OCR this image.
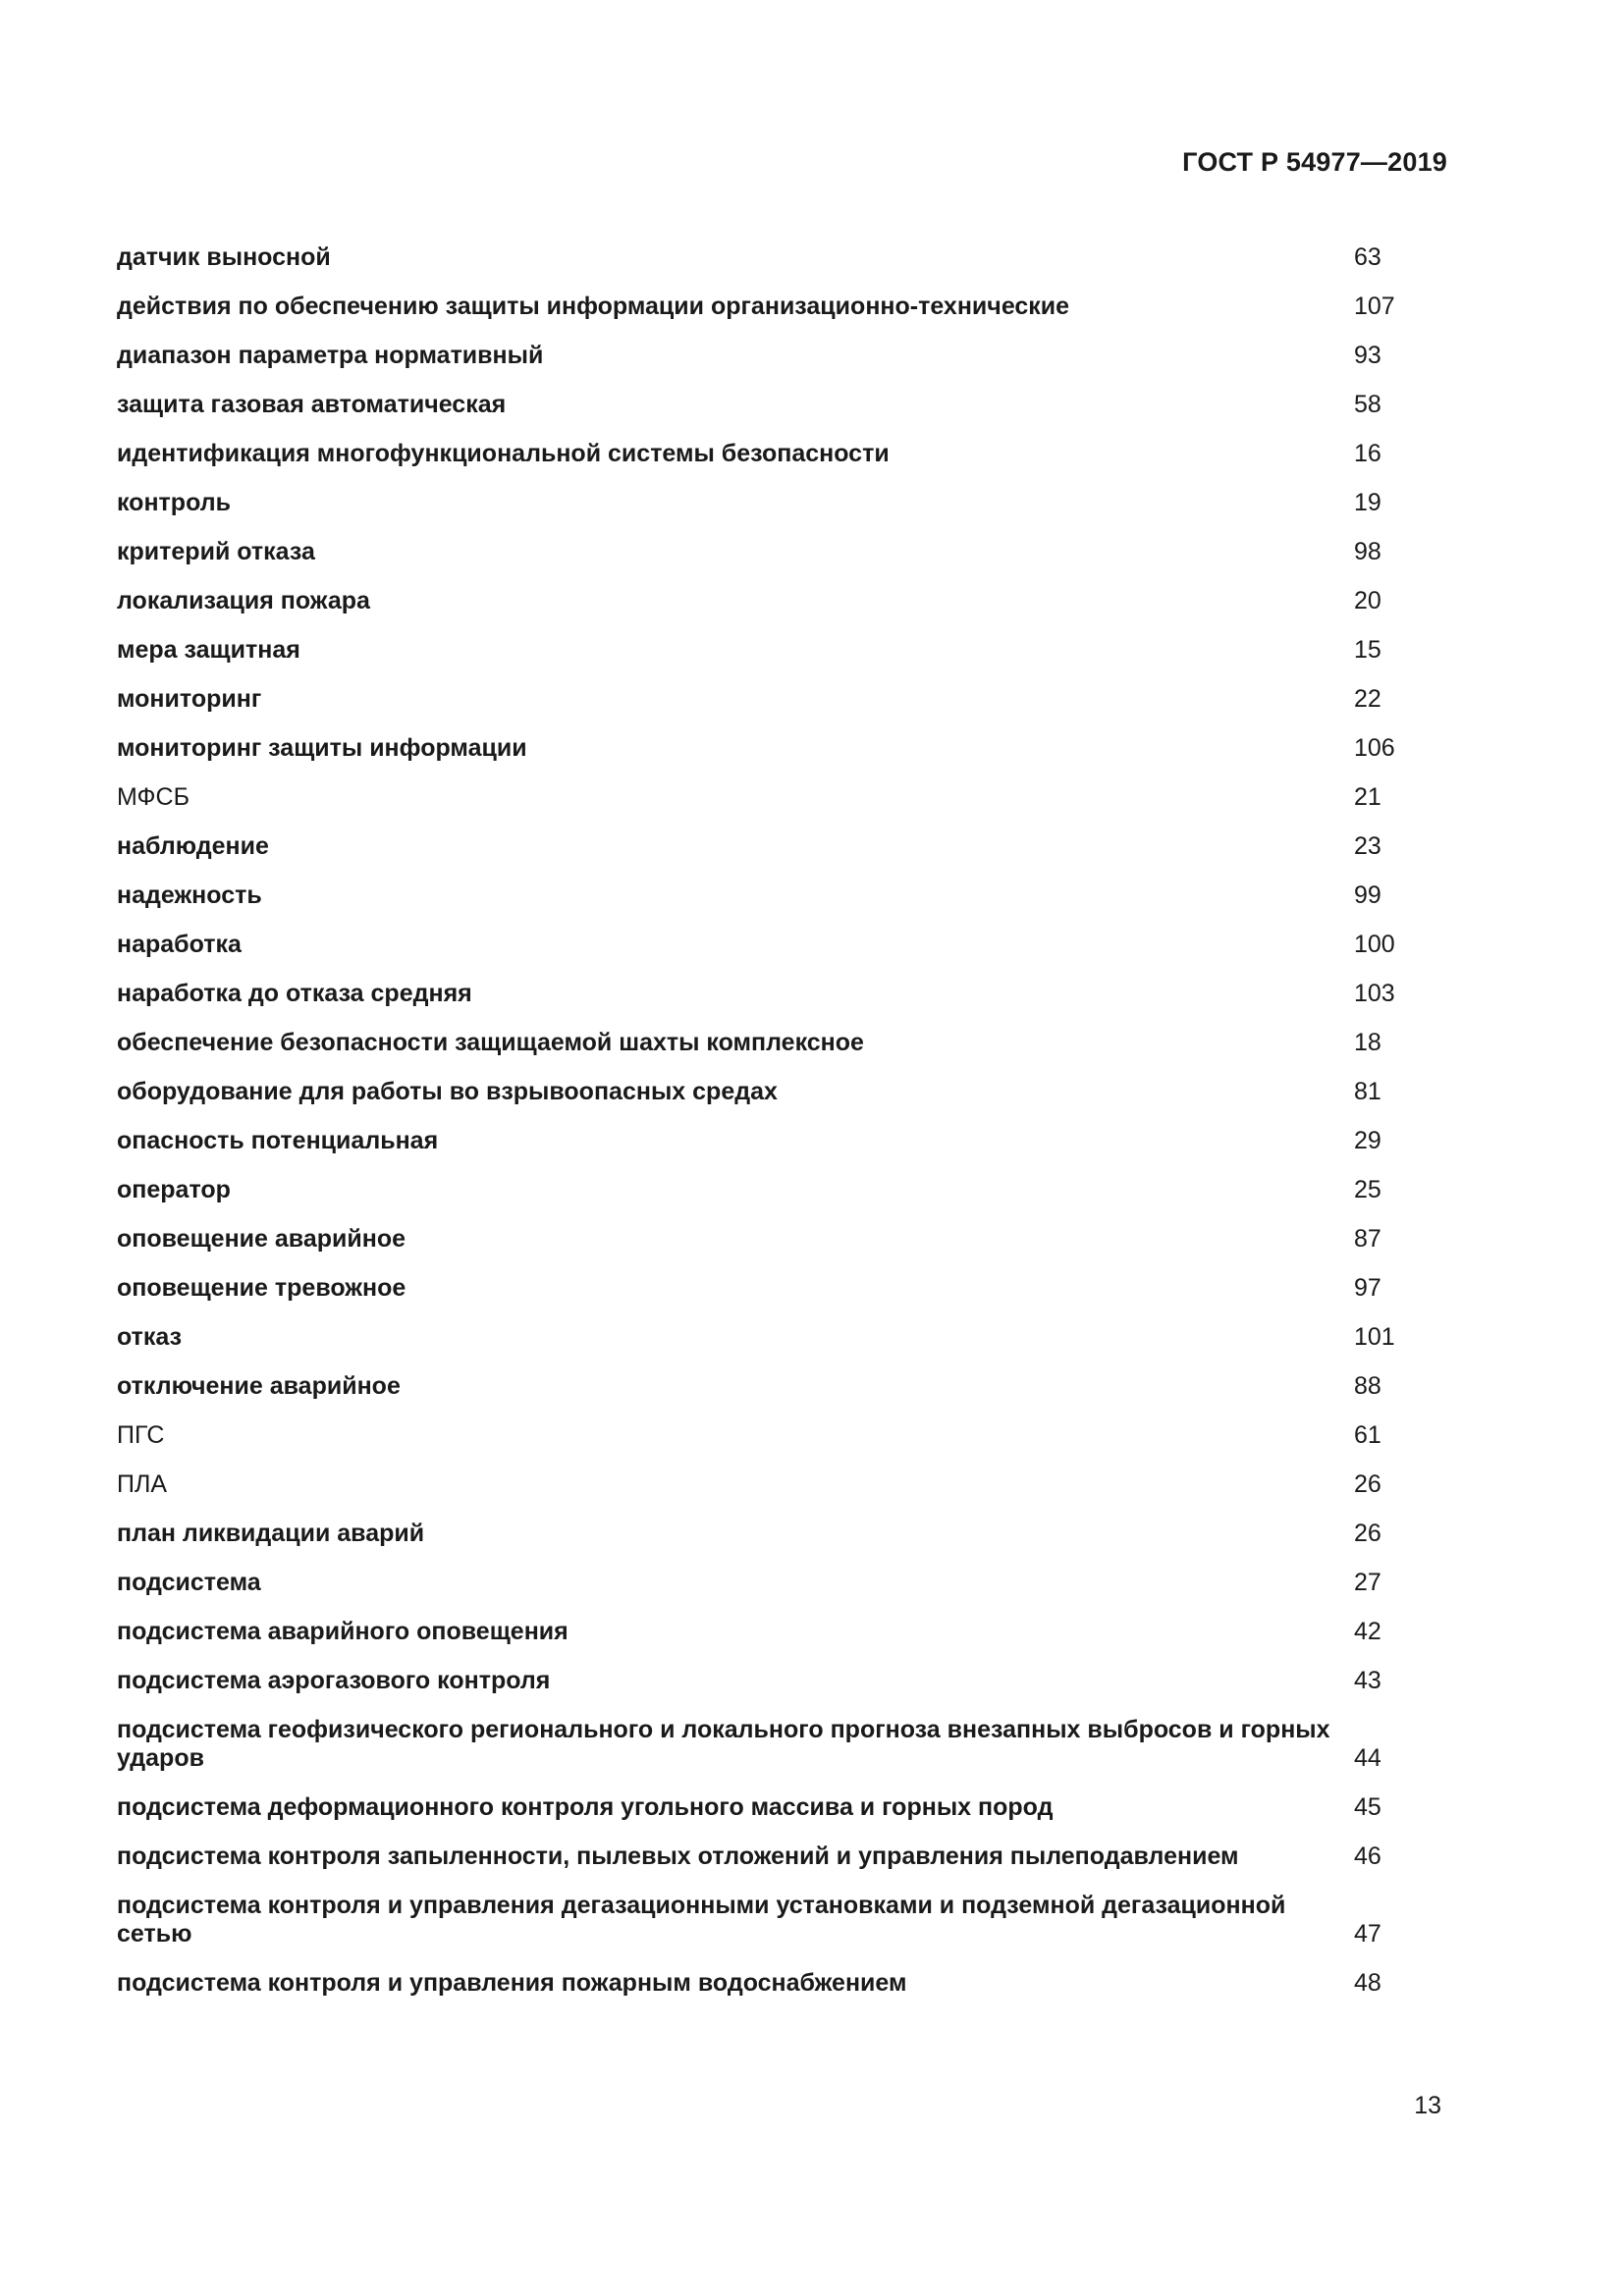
ГОСТ Р 54977—2019
датчик выносной	63
действия по обеспечению защиты информации организационно-технические	107
диапазон параметра нормативный	93
защита газовая автоматическая	58
идентификация многофункциональной системы безопасности	16
контроль	19
критерий отказа	98
локализация пожара	20
мера защитная	15
мониторинг	22
мониторинг защиты информации	106
МФСБ	21
наблюдение	23
надежность	99
наработка	100
наработка до отказа средняя	103
обеспечение безопасности защищаемой шахты комплексное	18
оборудование для работы во взрывоопасных средах	81
опасность потенциальная	29
оператор	25
оповещение аварийное	87
оповещение тревожное	97
отказ	101
отключение аварийное	88
ПГС	61
ПЛА	26
план ликвидации аварий	26
подсистема	27
подсистема аварийного оповещения	42
подсистема аэрогазового контроля	43
подсистема геофизического регионального и локального прогноза внезапных выбросов и горных ударов	44
подсистема деформационного контроля угольного массива и горных пород	45
подсистема контроля запыленности, пылевых отложений и управления пылеподавлением	46
подсистема контроля и управления дегазационными установками и подземной дегазационной сетью	47
подсистема контроля и управления пожарным водоснабжением	48
13
